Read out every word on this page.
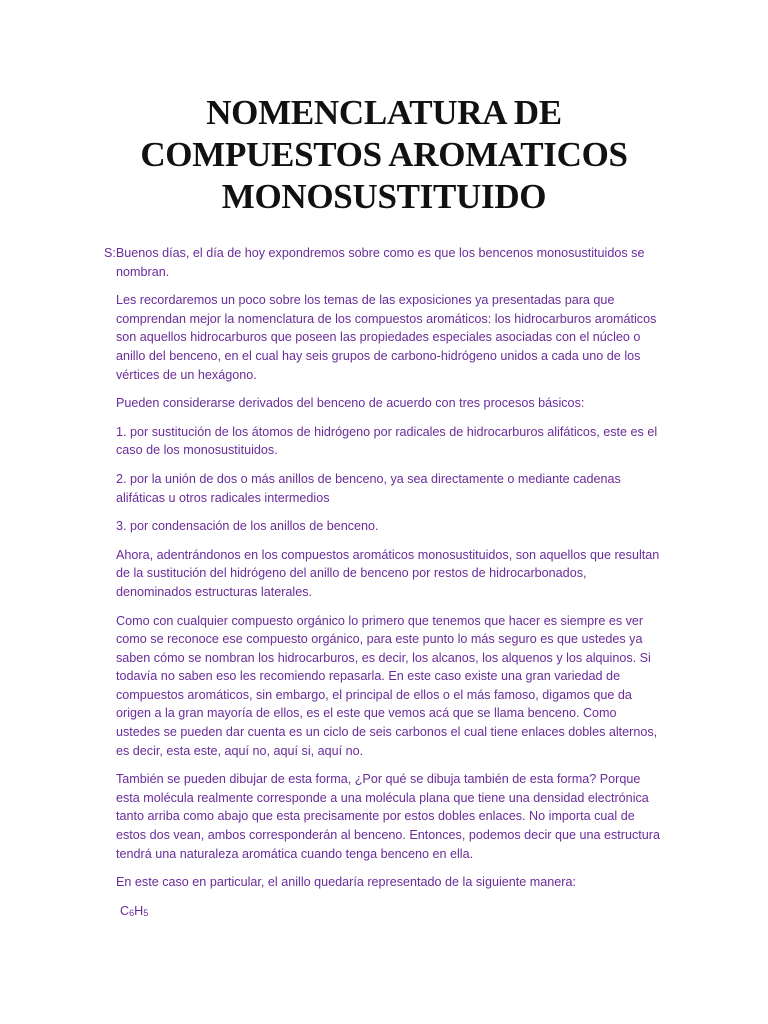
NOMENCLATURA DE
COMPUESTOS AROMATICOS
MONOSUSTITUIDO

S:Buenos días, el día de hoy expondremos sobre como es que los bencenos monosustituidos se nombran.

Les recordaremos un poco sobre los temas de las exposiciones ya presentadas para que comprendan mejor la nomenclatura de los compuestos aromáticos: los hidrocarburos aromáticos son aquellos hidrocarburos que poseen las propiedades especiales asociadas con el núcleo o anillo del benceno, en el cual hay seis grupos de carbono-hidrógeno unidos a cada uno de los vértices de un hexágono.

Pueden considerarse derivados del benceno de acuerdo con tres procesos básicos:

1. por sustitución de los átomos de hidrógeno por radicales de hidrocarburos alifáticos, este es el caso de los monosustituidos.

2. por la unión de dos o más anillos de benceno, ya sea directamente o mediante cadenas alifáticas u otros radicales intermedios

3. por condensación de los anillos de benceno.

Ahora, adentrándonos en los compuestos aromáticos monosustituidos, son aquellos que resultan de la sustitución del hidrógeno del anillo de benceno por restos de hidrocarbonados, denominados estructuras laterales.

Como con cualquier compuesto orgánico lo primero que tenemos que hacer es siempre es ver como se reconoce ese compuesto orgánico, para este punto lo más seguro es que ustedes ya saben cómo se nombran los hidrocarburos, es decir, los alcanos, los alquenos y los alquinos. Si todavía no saben eso les recomiendo repasarla. En este caso existe una gran variedad de compuestos aromáticos, sin embargo, el principal de ellos o el más famoso, digamos que da origen a la gran mayoría de ellos, es el este que vemos acá que se llama benceno. Como ustedes se pueden dar cuenta es un ciclo de seis carbonos el cual tiene enlaces dobles alternos, es decir, esta este, aquí no, aquí si, aquí no.

También se pueden dibujar de esta forma, ¿Por qué se dibuja también de esta forma? Porque esta molécula realmente corresponde a una molécula plana que tiene una densidad electrónica tanto arriba como abajo que esta precisamente por estos dobles enlaces. No importa cual de estos dos vean, ambos corresponderán al benceno. Entonces, podemos decir que una estructura tendrá una naturaleza aromática cuando tenga benceno en ella.

En este caso en particular, el anillo quedaría representado de la siguiente manera:

$C_6H_5$
